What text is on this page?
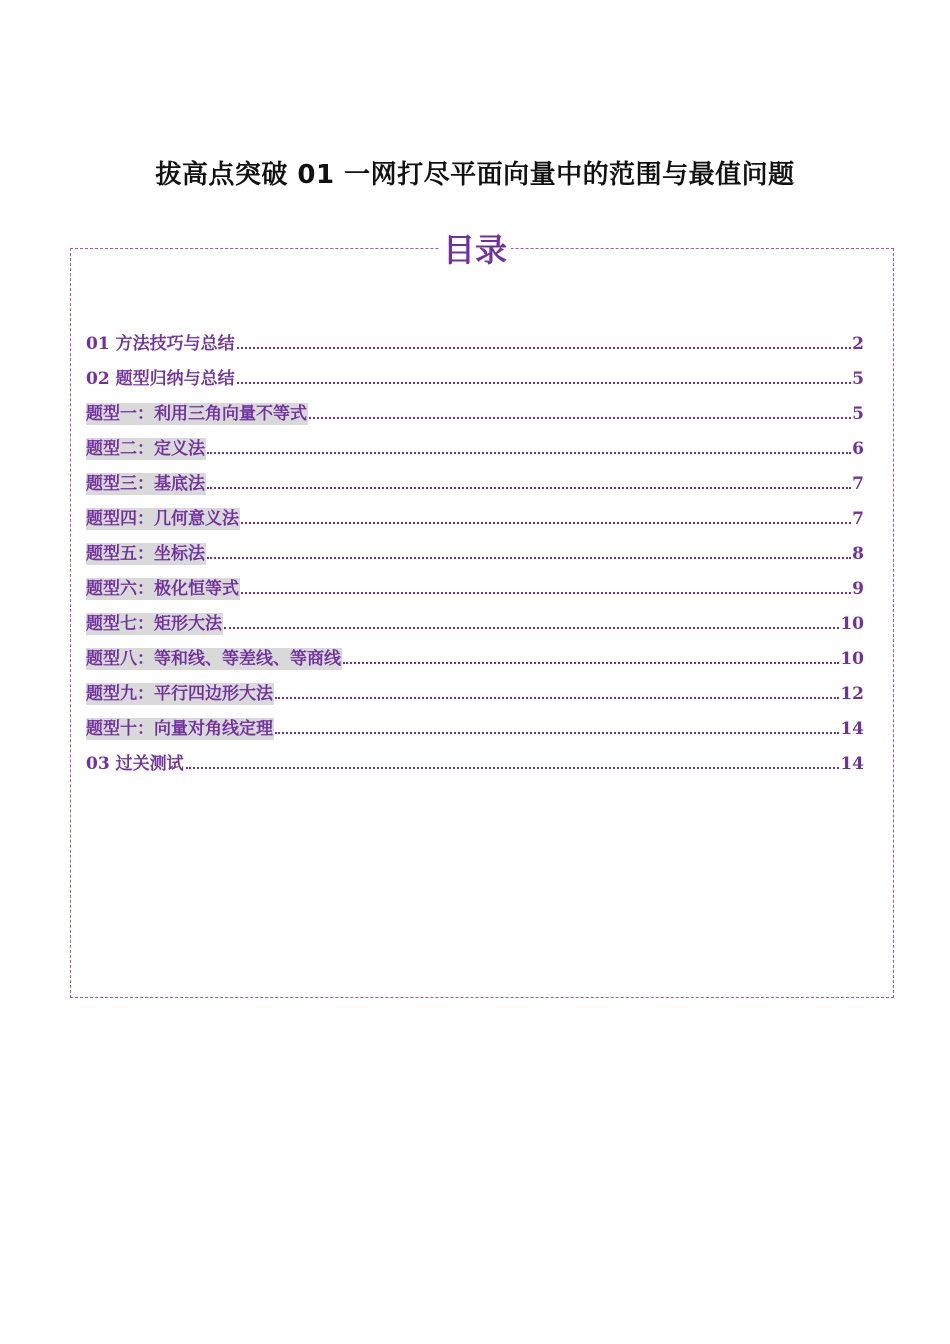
拔高点突破 01 一网打尽平面向量中的范围与最值问题
目录
01 方法技巧与总结	2
02 题型归纳与总结	5
题型一：利用三角向量不等式	5
题型二：定义法	6
题型三：基底法	7
题型四：几何意义法	7
题型五：坐标法	8
题型六：极化恒等式	9
题型七：矩形大法	10
题型八：等和线、等差线、等商线	10
题型九：平行四边形大法	12
题型十：向量对角线定理	14
03 过关测试	14
